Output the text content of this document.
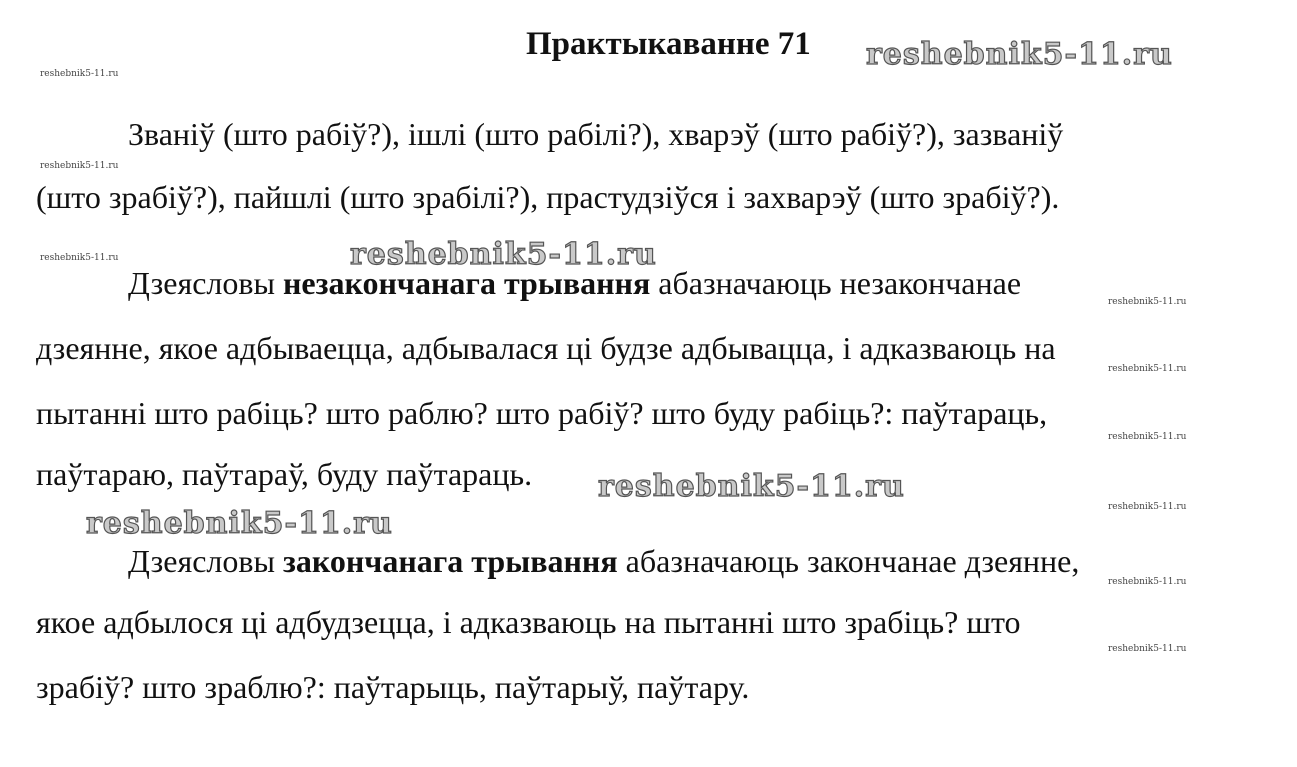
Практыкаванне 71
Званіў (што рабіў?), ішлі (што рабілі?), хварэў (што рабіў?), зазваніў
(што зрабіў?), пайшлі (што зрабілі?), прастудзіўся і захварэў (што зрабіў?).
Дзеясловы незакончанага трывання абазначаюць незакончанае
дзеянне, якое адбываецца, адбывалася ці будзе адбывацца, і адказваюць на
пытанні што рабіць? што раблю? што рабіў? што буду рабіць?: паўтараць,
паўтараю, паўтараў, буду паўтараць.
Дзеясловы закончанага трывання абазначаюць закончанае дзеянне,
якое адбылося ці адбудзецца, і адказваюць на пытанні што зрабіць? што
зрабіў? што зраблю?: паўтарыць, паўтарыў, паўтару.
reshebnik5-11.ru
reshebnik5-11.ru
reshebnik5-11.ru
reshebnik5-11.ru
reshebnik5-11.ru
reshebnik5-11.ru
reshebnik5-11.ru
reshebnik5-11.ru
reshebnik5-11.ru
reshebnik5-11.ru
reshebnik5-11.ru
reshebnik5-11.ru
reshebnik5-11.ru
